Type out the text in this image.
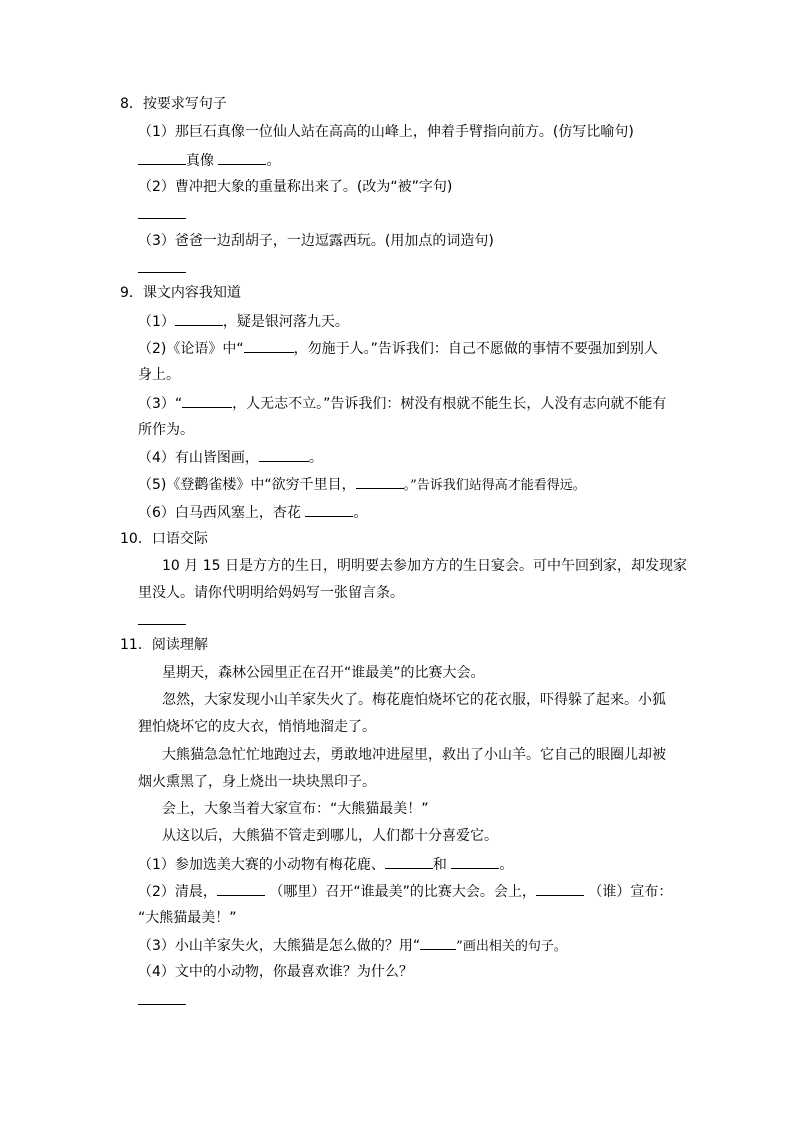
8．按要求写句子
（1）那巨石真像一位仙人站在高高的山峰上，伸着手臂指向前方。(仿写比喻句)
真像	。
（2）曹冲把大象的重量称出来了。(改为“被”字句)
（3）爸爸一边刮胡子，一边逗露西玩。(用加点的词造句)
9．课文内容我知道
（1）	，疑是银河落九天。
（2)《论语》中“	，勿施于人。”告诉我们：自己不愿做的事情不要强加到别人
身上。
（3）“	，人无志不立。”告诉我们：树没有根就不能生长，人没有志向就不能有
所作为。
（4）有山皆图画，	。
（5)《登鹳雀楼》中“欲穷千里目，	。”告诉我们站得高才能看得远。
（6）白马西风塞上，杏花	。
10．口语交际
10 月 15 日是方方的生日，明明要去参加方方的生日宴会。可中午回到家，却发现家
里没人。请你代明明给妈妈写一张留言条。
11．阅读理解
星期天，森林公园里正在召开“谁最美”的比赛大会。
忽然，大家发现小山羊家失火了。梅花鹿怕烧坏它的花衣服，吓得躲了起来。小狐
狸怕烧坏它的皮大衣，悄悄地溜走了。
大熊猫急急忙忙地跑过去，勇敢地冲进屋里，救出了小山羊。它自己的眼圈儿却被
烟火熏黑了，身上烧出一块块黑印子。
会上，大象当着大家宣布：“大熊猫最美！”
从这以后，大熊猫不管走到哪儿，人们都十分喜爱它。
（1）参加选美大赛的小动物有梅花鹿、	和	。
（2）清晨，	（哪里）召开“谁最美”的比赛大会。会上，	（谁）宣布：
“大熊猫最美！”
（3）小山羊家失火，大熊猫是怎么做的？用“	”画出相关的句子。
（4）文中的小动物，你最喜欢谁？为什么？
